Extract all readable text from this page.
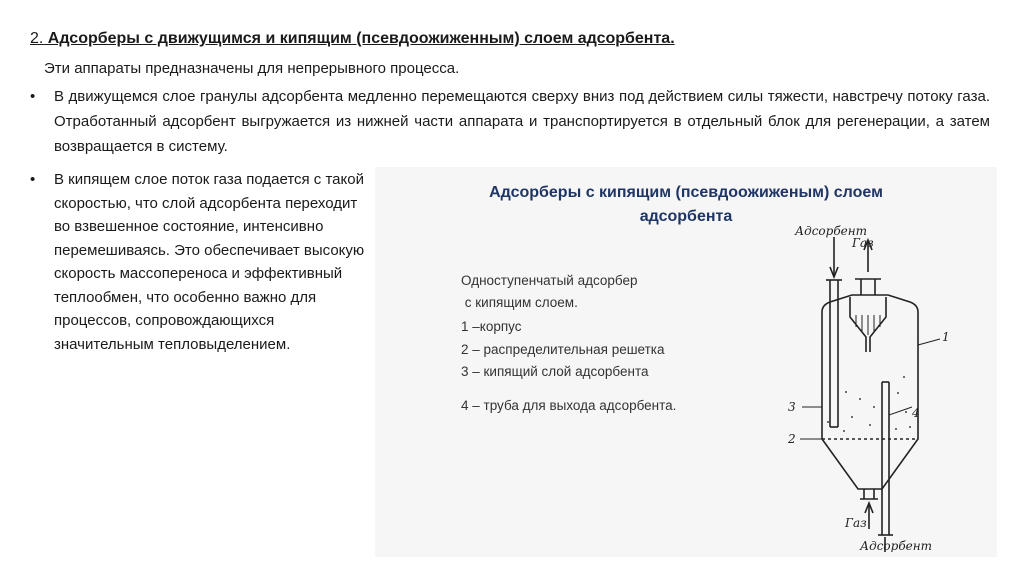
2. Адсорберы с движущимся и кипящим (псевдоожиженным) слоем адсорбента.
Эти аппараты предназначены для непрерывного процесса.
•	В движущемся слое гранулы адсорбента медленно перемещаются сверху вниз под действием силы тяжести, навстречу потоку газа. Отработанный адсорбент выгружается из нижней части аппарата и транспортируется в отдельный блок для регенерации, а затем возвращается в систему.
•	В кипящем слое поток газа подается с такой скоростью, что слой адсорбента переходит во взвешенное состояние, интенсивно перемешиваясь. Это обеспечивает высокую скорость массопереноса и эффективный теплообмен, что особенно важно для процессов, сопровождающихся значительным тепловыделением.
Адсорберы с кипящим (псевдоожиженым) слоем
адсорбента
Одноступенчатый адсорбер
с кипящим слоем.
1 –корпус
2 – распределительная решетка
3 – кипящий слой адсорбента
4 – труба для выхода адсорбента.
Адсорбент
Газ
1
3	4
2
Газ
Адсорбент
